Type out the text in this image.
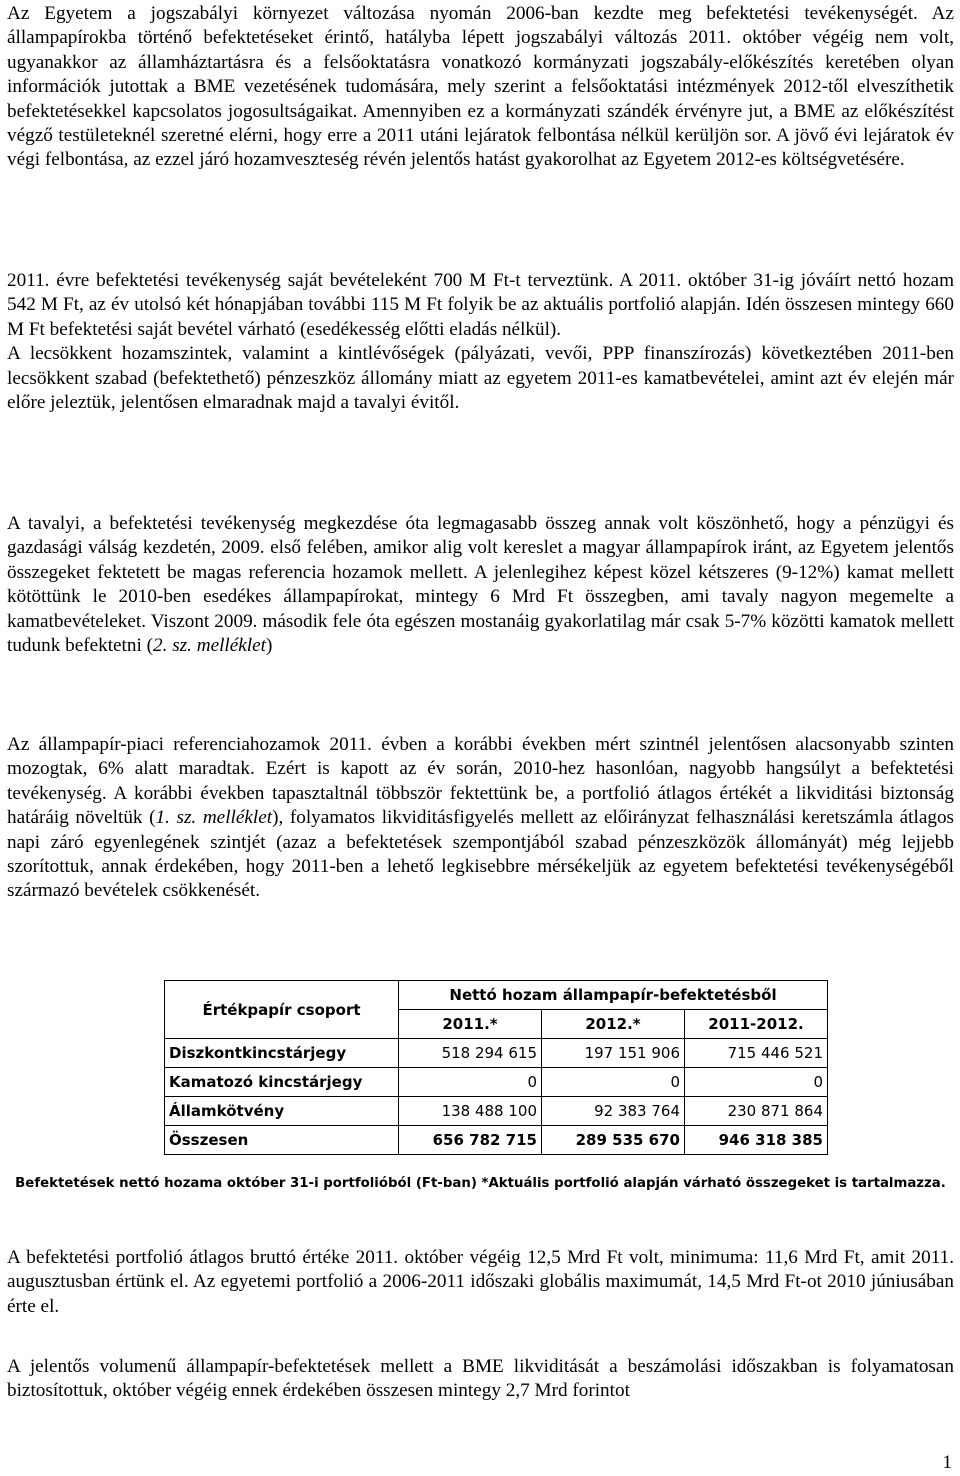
Az Egyetem a jogszabályi környezet változása nyomán 2006-ban kezdte meg befektetési tevékenységét. Az állampapírokba történő befektetéseket érintő, hatályba lépett jogszabályi változás 2011. október végéig nem volt, ugyanakkor az államháztartásra és a felsőoktatásra vonatkozó kormányzati jogszabály-előkészítés keretében olyan információk jutottak a BME vezetésének tudomására, mely szerint a felsőoktatási intézmények 2012-től elveszíthetik befektetésekkel kapcsolatos jogosultságaikat. Amennyiben ez a kormányzati szándék érvényre jut, a BME az előkészítést végző testületeknél szeretné elérni, hogy erre a 2011 utáni lejáratok felbontása nélkül kerüljön sor. A jövő évi lejáratok év végi felbontása, az ezzel járó hozamveszteség révén jelentős hatást gyakorolhat az Egyetem 2012-es költségvetésére.

2011. évre befektetési tevékenység saját bevételeként 700 M Ft-t terveztünk. A 2011. október 31-ig jóváírt nettó hozam 542 M Ft, az év utolsó két hónapjában további 115 M Ft folyik be az aktuális portfolió alapján. Idén összesen mintegy 660 M Ft befektetési saját bevétel várható (esedékesség előtti eladás nélkül).

A lecsökkent hozamszintek, valamint a kintlévőségek (pályázati, vevői, PPP finanszírozás) következtében 2011-ben lecsökkent szabad (befektethető) pénzeszköz állomány miatt az egyetem 2011-es kamatbevételei, amint azt év elején már előre jeleztük, jelentősen elmaradnak majd a tavalyi évitől.

A tavalyi, a befektetési tevékenység megkezdése óta legmagasabb összeg annak volt köszönhető, hogy a pénzügyi és gazdasági válság kezdetén, 2009. első felében, amikor alig volt kereslet a magyar állampapírok iránt, az Egyetem jelentős összegeket fektetett be magas referencia hozamok mellett. A jelenlegihez képest közel kétszeres (9-12%) kamat mellett kötöttünk le 2010-ben esedékes állampapírokat, mintegy 6 Mrd Ft összegben, ami tavaly nagyon megemelte a kamatbevételeket. Viszont 2009. második fele óta egészen mostanáig gyakorlatilag már csak 5-7% közötti kamatok mellett tudunk befektetni (2. sz. melléklet)

Az állampapír-piaci referenciahozamok 2011. évben a korábbi években mért szintnél jelentősen alacsonyabb szinten mozogtak, 6% alatt maradtak. Ezért is kapott az év során, 2010-hez hasonlóan, nagyobb hangsúlyt a befektetési tevékenység. A korábbi években tapasztaltnál többször fektettünk be, a portfolió átlagos értékét a likviditási biztonság határáig növeltük (1. sz. melléklet), folyamatos likviditásfigyelés mellett az előirányzat felhasználási keretszámla átlagos napi záró egyenlegének szintjét (azaz a befektetések szempontjából szabad pénzeszközök állományát) még lejjebb szorítottuk, annak érdekében, hogy 2011-ben a lehető legkisebbre mérsékeljük az egyetem befektetési tevékenységéből származó bevételek csökkenését.

Értékpapír csoport	Nettó hozam állampapír-befektetésből		
	2011.*	2012.*	2011-2012.
Diszkontkincstárjegy	518 294 615	197 151 906	715 446 521
Kamatozó kincstárjegy	0	0	0
Államkötvény	138 488 100	92 383 764	230 871 864
Összesen	656 782 715	289 535 670	946 318 385
Befektetések nettó hozama október 31-i portfolióból (Ft-ban) *Aktuális portfolió alapján várható összegeket is tartalmazza.

A befektetési portfolió átlagos bruttó értéke 2011. október végéig 12,5 Mrd Ft volt, minimuma: 11,6 Mrd Ft, amit 2011. augusztusban értünk el. Az egyetemi portfolió a 2006-2011 időszaki globális maximumát, 14,5 Mrd Ft-ot 2010 júniusában érte el.

A jelentős volumenű állampapír-befektetések mellett a BME likviditását a beszámolási időszakban is folyamatosan biztosítottuk, október végéig ennek érdekében összesen mintegy 2,7 Mrd forintot

1
